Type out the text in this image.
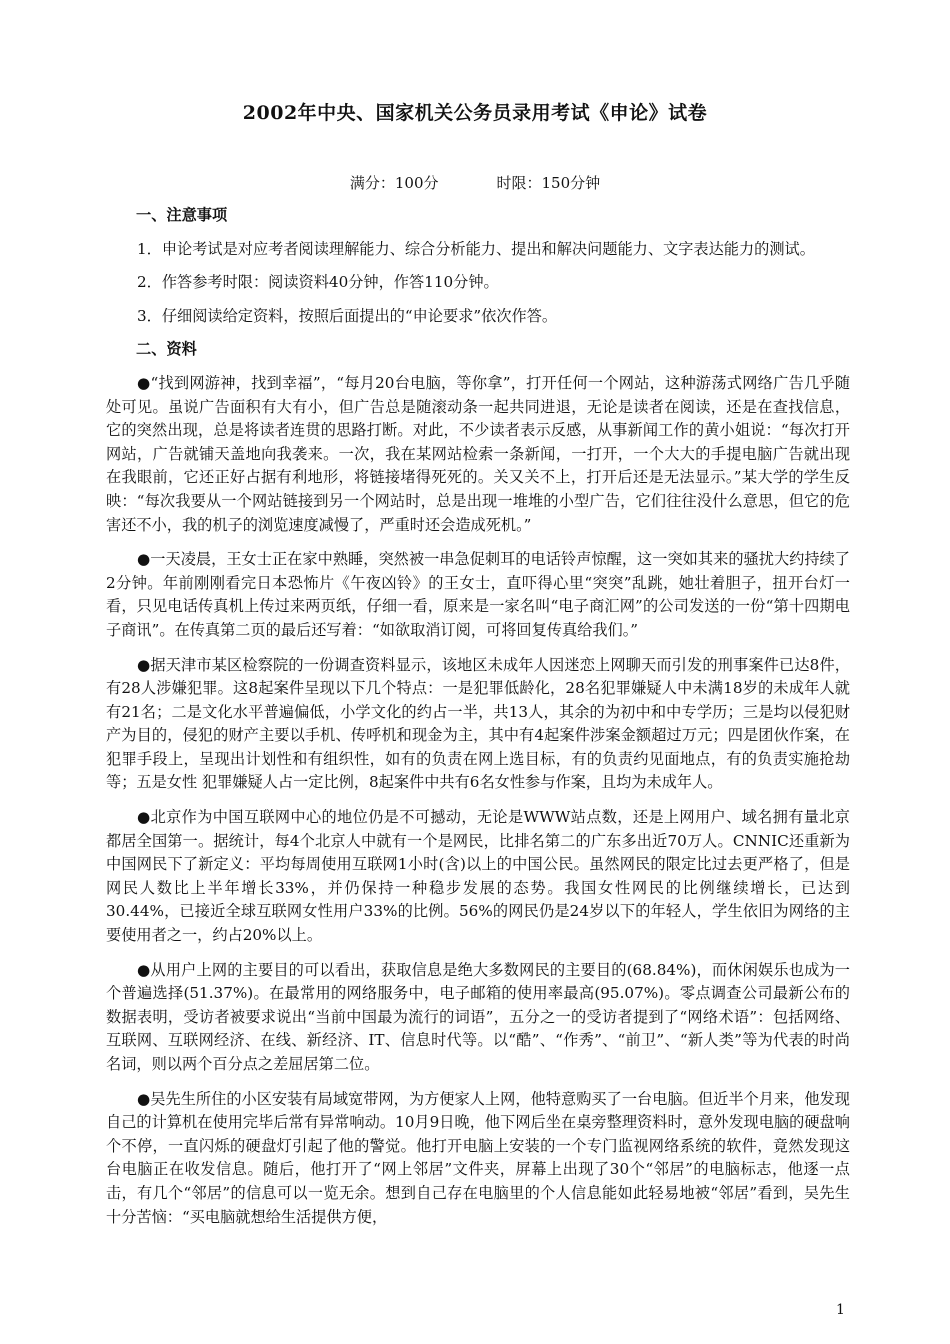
2002年中央、国家机关公务员录用考试《申论》试卷
满分：100分	时限：150分钟
一、注意事项

1．申论考试是对应考者阅读理解能力、综合分析能力、提出和解决问题能力、文字表达能力的测试。

2．作答参考时限：阅读资料40分钟，作答110分钟。

3．仔细阅读给定资料，按照后面提出的“申论要求”依次作答。

二、资料

●“找到网游神，找到幸福”，“每月20台电脑，等你拿”，打开任何一个网站，这种游荡式网络广告几乎随处可见。虽说广告面积有大有小，但广告总是随滚动条一起共同进退，无论是读者在阅读，还是在查找信息，它的突然出现，总是将读者连贯的思路打断。对此，不少读者表示反感，从事新闻工作的黄小姐说：“每次打开网站，广告就铺天盖地向我袭来。一次，我在某网站检索一条新闻，一打开，一个大大的手提电脑广告就出现在我眼前，它还正好占据有利地形，将链接堵得死死的。关又关不上，打开后还是无法显示。”某大学的学生反映：“每次我要从一个网站链接到另一个网站时，总是出现一堆堆的小型广告，它们往往没什么意思，但它的危害还不小，我的机子的浏览速度减慢了，严重时还会造成死机。”

●一天凌晨，王女士正在家中熟睡，突然被一串急促刺耳的电话铃声惊醒，这一突如其来的骚扰大约持续了2分钟。年前刚刚看完日本恐怖片《午夜凶铃》的王女士，直吓得心里“突突”乱跳，她壮着胆子，扭开台灯一看，只见电话传真机上传过来两页纸，仔细一看，原来是一家名叫“电子商汇网”的公司发送的一份“第十四期电子商讯”。在传真第二页的最后还写着：“如欲取消订阅，可将回复传真给我们。”

●据天津市某区检察院的一份调查资料显示，该地区未成年人因迷恋上网聊天而引发的刑事案件已达8件，有28人涉嫌犯罪。这8起案件呈现以下几个特点：一是犯罪低龄化，28名犯罪嫌疑人中未满18岁的未成年人就有21名；二是文化水平普遍偏低，小学文化的约占一半，共13人，其余的为初中和中专学历；三是均以侵犯财产为目的，侵犯的财产主要以手机、传呼机和现金为主，其中有4起案件涉案金额超过万元；四是团伙作案，在犯罪手段上，呈现出计划性和有组织性，如有的负责在网上选目标，有的负责约见面地点，有的负责实施抢劫等；五是女性 犯罪嫌疑人占一定比例，8起案件中共有6名女性参与作案，且均为未成年人。

●北京作为中国互联网中心的地位仍是不可撼动，无论是WWW站点数，还是上网用户、域名拥有量北京都居全国第一。据统计，每4个北京人中就有一个是网民，比排名第二的广东多出近70万人。CNNIC还重新为中国网民下了新定义：平均每周使用互联网1小时(含)以上的中国公民。虽然网民的限定比过去更严格了，但是网民人数比上半年增长33%，并仍保持一种稳步发展的态势。我国女性网民的比例继续增长，已达到30.44%，已接近全球互联网女性用户33%的比例。56%的网民仍是24岁以下的年轻人，学生依旧为网络的主要使用者之一，约占20%以上。

●从用户上网的主要目的可以看出，获取信息是绝大多数网民的主要目的(68.84%)，而休闲娱乐也成为一个普遍选择(51.37%)。在最常用的网络服务中，电子邮箱的使用率最高(95.07%)。零点调查公司最新公布的数据表明，受访者被要求说出“当前中国最为流行的词语”，五分之一的受访者提到了“网络术语”：包括网络、互联网、互联网经济、在线、新经济、IT、信息时代等。以“酷”、“作秀”、“前卫”、“新人类”等为代表的时尚名词，则以两个百分点之差屈居第二位。

●吴先生所住的小区安装有局域宽带网，为方便家人上网，他特意购买了一台电脑。但近半个月来，他发现自己的计算机在使用完毕后常有异常响动。10月9日晚，他下网后坐在桌旁整理资料时，意外发现电脑的硬盘响个不停，一直闪烁的硬盘灯引起了他的警觉。他打开电脑上安装的一个专门监视网络系统的软件，竟然发现这台电脑正在收发信息。随后，他打开了“网上邻居”文件夹，屏幕上出现了30个“邻居”的电脑标志，他逐一点击，有几个“邻居”的信息可以一览无余。想到自己存在电脑里的个人信息能如此轻易地被“邻居”看到，吴先生十分苦恼：“买电脑就想给生活提供方便，

1
